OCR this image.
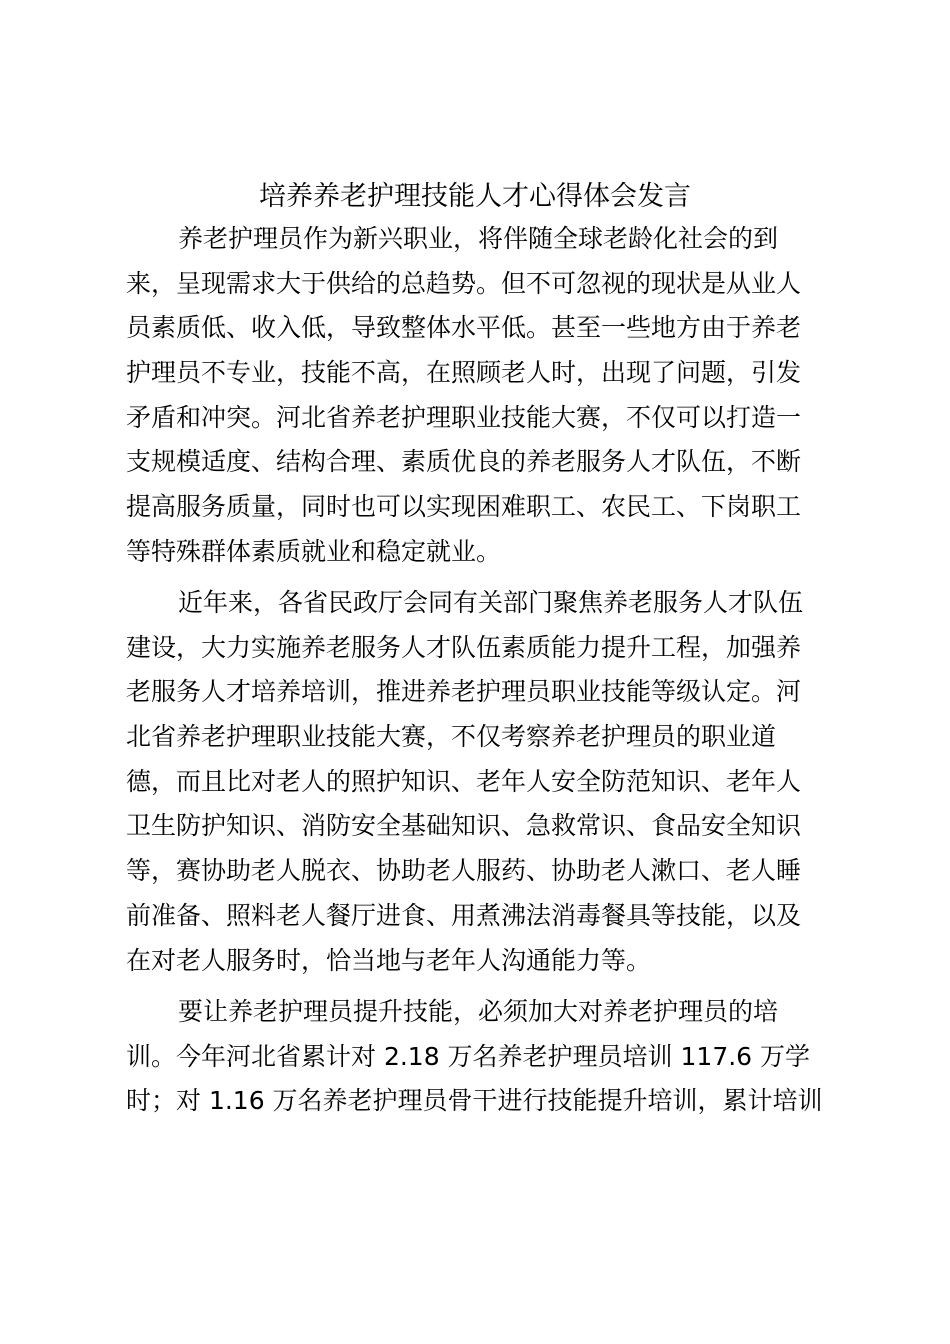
培养养老护理技能人才心得体会发言
养老护理员作为新兴职业，将伴随全球老龄化社会的到
来，呈现需求大于供给的总趋势。但不可忽视的现状是从业人
员素质低、收入低，导致整体水平低。甚至一些地方由于养老
护理员不专业，技能不高，在照顾老人时，出现了问题，引发
矛盾和冲突。河北省养老护理职业技能大赛，不仅可以打造一
支规模适度、结构合理、素质优良的养老服务人才队伍，不断
提高服务质量，同时也可以实现困难职工、农民工、下岗职工
等特殊群体素质就业和稳定就业。
近年来，各省民政厅会同有关部门聚焦养老服务人才队伍
建设，大力实施养老服务人才队伍素质能力提升工程，加强养
老服务人才培养培训，推进养老护理员职业技能等级认定。河
北省养老护理职业技能大赛，不仅考察养老护理员的职业道
德，而且比对老人的照护知识、老年人安全防范知识、老年人
卫生防护知识、消防安全基础知识、急救常识、食品安全知识
等，赛协助老人脱衣、协助老人服药、协助老人漱口、老人睡
前准备、照料老人餐厅进食、用煮沸法消毒餐具等技能，以及
在对老人服务时，恰当地与老年人沟通能力等。
要让养老护理员提升技能，必须加大对养老护理员的培
训。今年河北省累计对 2.18 万名养老护理员培训 117.6 万学
时；对 1.16 万名养老护理员骨干进行技能提升培训，累计培训
